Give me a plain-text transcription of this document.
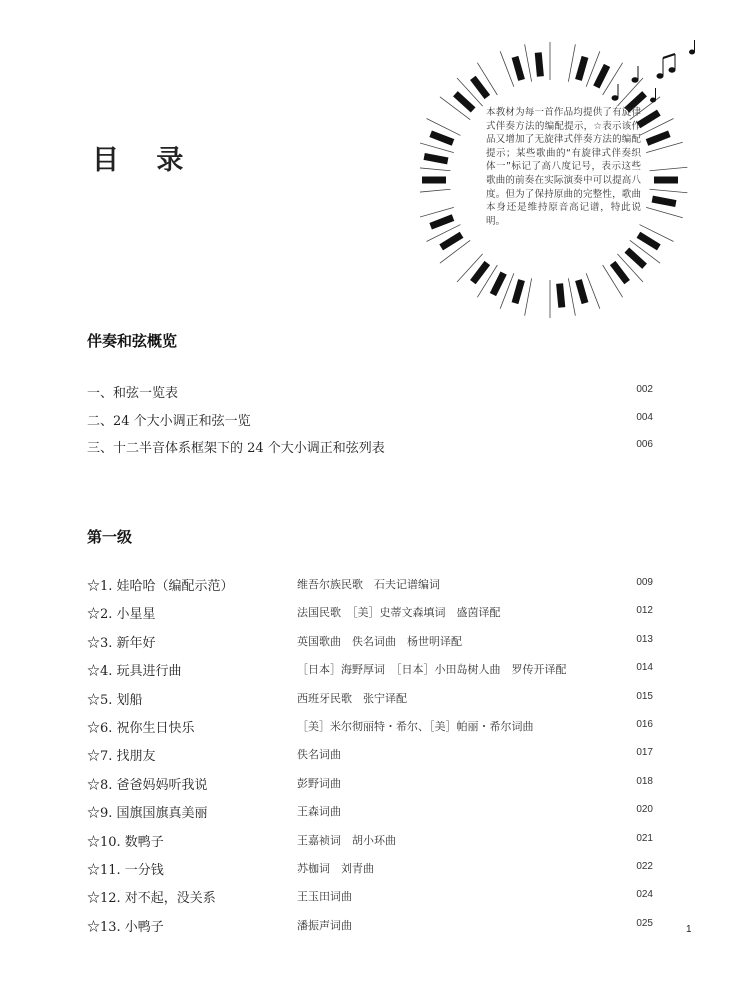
目 录
本教材为每一首作品均提供了有旋律式伴奏方法的编配提示，☆表示该作品又增加了无旋律式伴奏方法的编配提示；某些歌曲的“有旋律式伴奏织体一”标记了高八度记号，表示这些歌曲的前奏在实际演奏中可以提高八度。但为了保持原曲的完整性，歌曲本身还是维持原音高记谱，特此说明。
伴奏和弦概览
一、和弦一览表	002
二、24 个大小调正和弦一览	004
三、十二半音体系框架下的 24 个大小调正和弦列表	006
第一级
☆1. 娃哈哈（编配示范）	维吾尔族民歌　石夫记谱编词	009
☆2. 小星星	法国民歌　［美］史蒂文森填词　盛茵译配	012
☆3. 新年好	英国歌曲　佚名词曲　杨世明译配	013
☆4. 玩具进行曲	［日本］海野厚词　［日本］小田岛树人曲　罗传开译配	014
☆5. 划船	西班牙民歌　张宁译配	015
☆6. 祝你生日快乐	［美］米尔彻丽特・希尔、［美］帕丽・希尔词曲	016
☆7. 找朋友	佚名词曲	017
☆8. 爸爸妈妈听我说	彭野词曲	018
☆9. 国旗国旗真美丽	王森词曲	020
☆10. 数鸭子	王嘉祯词　胡小环曲	021
☆11. 一分钱	苏枷词　刘青曲	022
☆12. 对不起，没关系	王玉田词曲	024
☆13. 小鸭子	潘振声词曲	025
1
